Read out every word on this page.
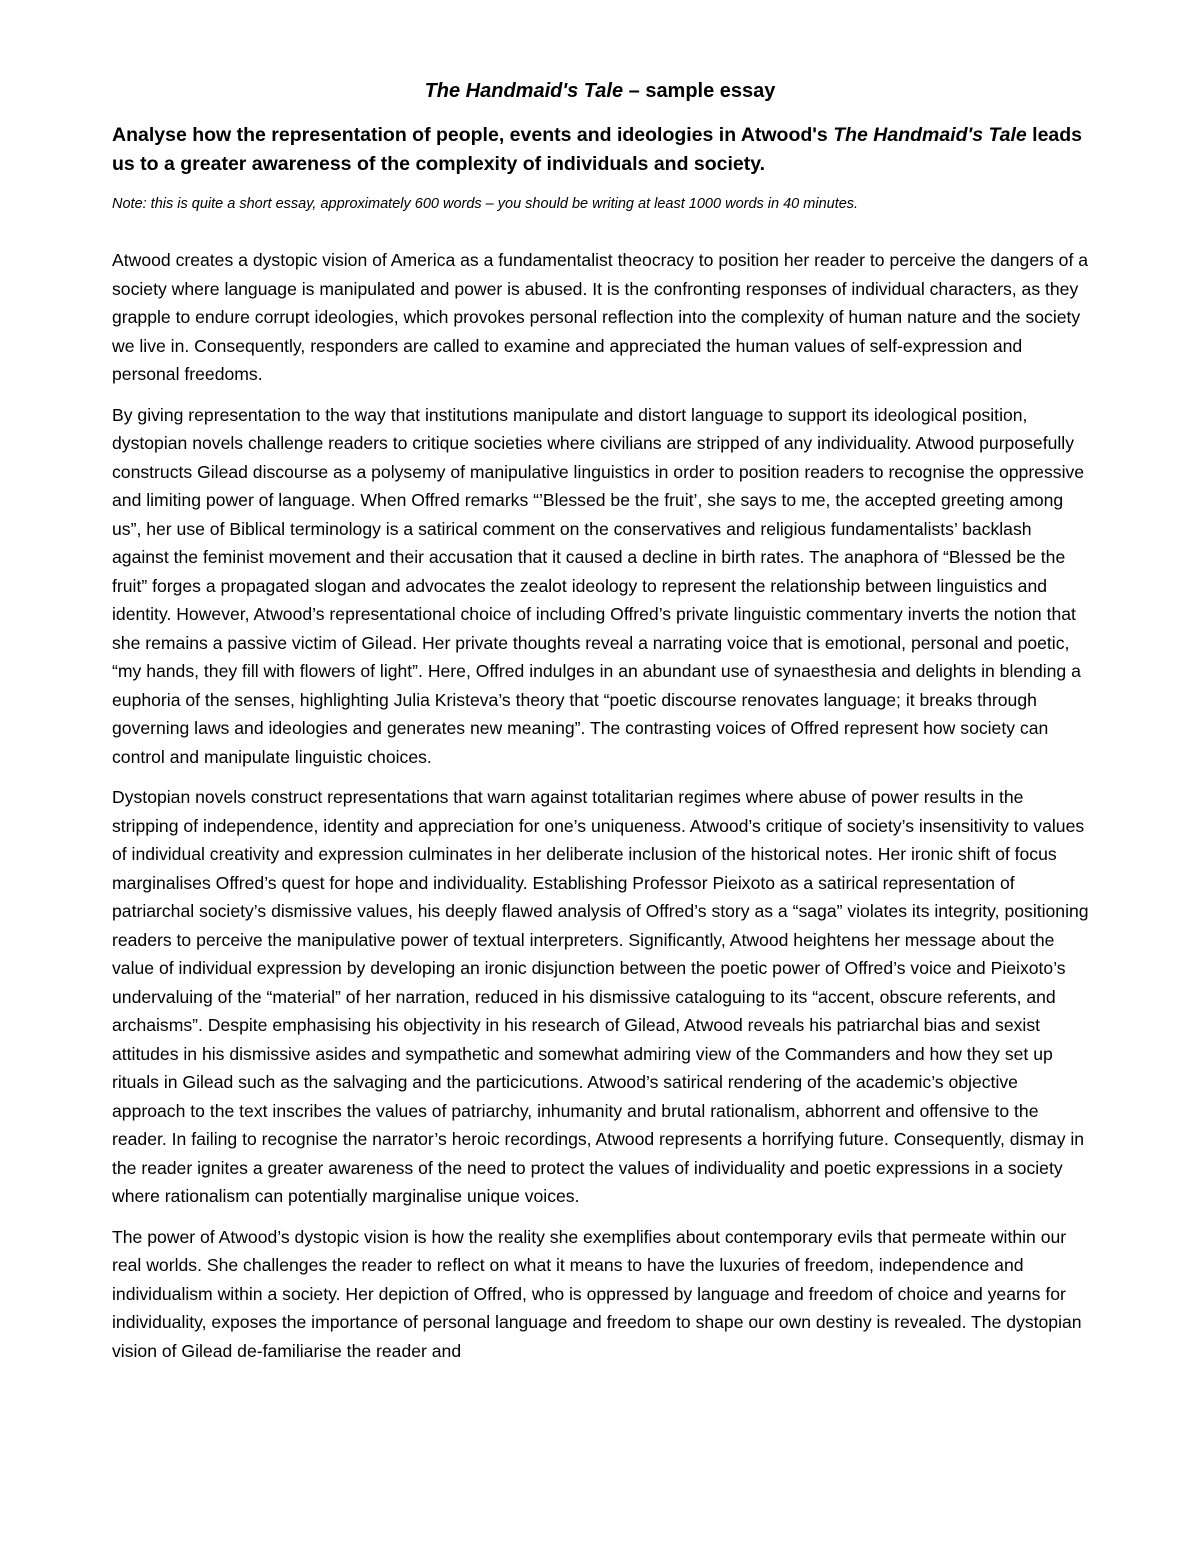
The Handmaid's Tale – sample essay
Analyse how the representation of people, events and ideologies in Atwood's The Handmaid's Tale leads us to a greater awareness of the complexity of individuals and society.
Note: this is quite a short essay, approximately 600 words – you should be writing at least 1000 words in 40 minutes.

Atwood creates a dystopic vision of America as a fundamentalist theocracy to position her reader to perceive the dangers of a society where language is manipulated and power is abused. It is the confronting responses of individual characters, as they grapple to endure corrupt ideologies, which provokes personal reflection into the complexity of human nature and the society we live in. Consequently, responders are called to examine and appreciated the human values of self-expression and personal freedoms.

By giving representation to the way that institutions manipulate and distort language to support its ideological position, dystopian novels challenge readers to critique societies where civilians are stripped of any individuality. Atwood purposefully constructs Gilead discourse as a polysemy of manipulative linguistics in order to position readers to recognise the oppressive and limiting power of language. When Offred remarks “’Blessed be the fruit’, she says to me, the accepted greeting among us”, her use of Biblical terminology is a satirical comment on the conservatives and religious fundamentalists’ backlash against the feminist movement and their accusation that it caused a decline in birth rates. The anaphora of “Blessed be the fruit” forges a propagated slogan and advocates the zealot ideology to represent the relationship between linguistics and identity. However, Atwood’s representational choice of including Offred’s private linguistic commentary inverts the notion that she remains a passive victim of Gilead. Her private thoughts reveal a narrating voice that is emotional, personal and poetic, “my hands, they fill with flowers of light”. Here, Offred indulges in an abundant use of synaesthesia and delights in blending a euphoria of the senses, highlighting Julia Kristeva’s theory that “poetic discourse renovates language; it breaks through governing laws and ideologies and generates new meaning”. The contrasting voices of Offred represent how society can control and manipulate linguistic choices.

Dystopian novels construct representations that warn against totalitarian regimes where abuse of power results in the stripping of independence, identity and appreciation for one’s uniqueness. Atwood’s critique of society’s insensitivity to values of individual creativity and expression culminates in her deliberate inclusion of the historical notes. Her ironic shift of focus marginalises Offred’s quest for hope and individuality. Establishing Professor Pieixoto as a satirical representation of patriarchal society’s dismissive values, his deeply flawed analysis of Offred’s story as a “saga” violates its integrity, positioning readers to perceive the manipulative power of textual interpreters. Significantly, Atwood heightens her message about the value of individual expression by developing an ironic disjunction between the poetic power of Offred’s voice and Pieixoto’s undervaluing of the “material” of her narration, reduced in his dismissive cataloguing to its “accent, obscure referents, and archaisms”. Despite emphasising his objectivity in his research of Gilead, Atwood reveals his patriarchal bias and sexist attitudes in his dismissive asides and sympathetic and somewhat admiring view of the Commanders and how they set up rituals in Gilead such as the salvaging and the particicutions. Atwood’s satirical rendering of the academic’s objective approach to the text inscribes the values of patriarchy, inhumanity and brutal rationalism, abhorrent and offensive to the reader. In failing to recognise the narrator’s heroic recordings, Atwood represents a horrifying future. Consequently, dismay in the reader ignites a greater awareness of the need to protect the values of individuality and poetic expressions in a society where rationalism can potentially marginalise unique voices.

The power of Atwood’s dystopic vision is how the reality she exemplifies about contemporary evils that permeate within our real worlds. She challenges the reader to reflect on what it means to have the luxuries of freedom, independence and individualism within a society. Her depiction of Offred, who is oppressed by language and freedom of choice and yearns for individuality, exposes the importance of personal language and freedom to shape our own destiny is revealed. The dystopian vision of Gilead de-familiarise the reader and
